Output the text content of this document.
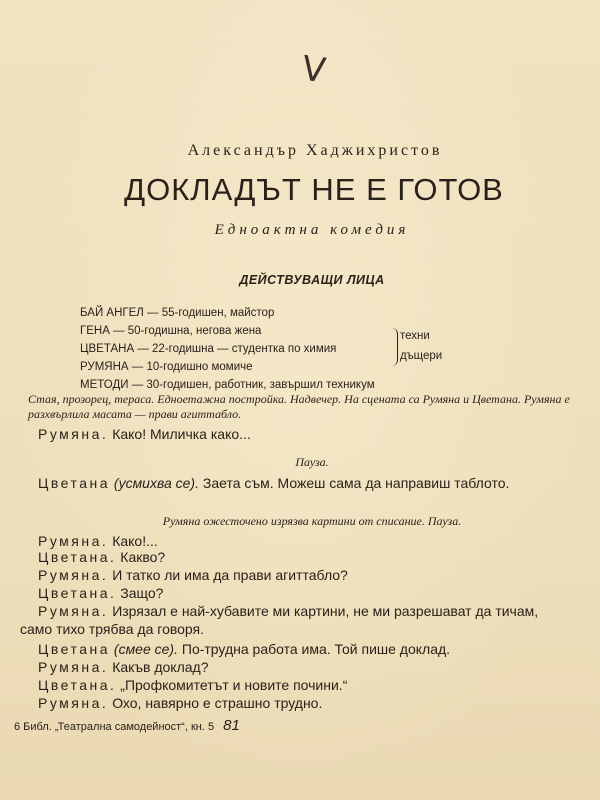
V
Александър Хаджихристов
ДОКЛАДЪТ НЕ Е ГОТОВ
Едноактна комедия
ДЕЙСТВУВАЩИ ЛИЦА
БАЙ АНГЕЛ — 55-годишен, майстор
ГЕНА — 50-годишна, негова жена
ЦВЕТАНА — 22-годишна — студентка по химия
РУМЯНА — 10-годишно момиче
МЕТОДИ — 30-годишен, работник, завършил техникум
техни
дъщери
Стая, прозорец, тераса. Едноетажна постройка. Надвечер. На сцената са Румяна и Цветана. Румяна е разхвърлила масата — прави агиттабло.
Румяна. Како! Миличка како...
Пауза.
Цветана (усмихва се). Заета съм. Можеш сама да направиш таблото.
Румяна ожесточено изрязва картини от списание. Пауза.
Румяна. Како!...
Цветана. Какво?
Румяна. И татко ли има да прави агиттабло?
Цветана. Защо?
Румяна. Изрязал е най-хубавите ми картини, не ми разрешават да тичам, само тихо трябва да говоря.
Цветана (смее се). По-трудна работа има. Той пише доклад.
Румяна. Какъв доклад?
Цветана. „Профкомитетът и новите почини.“
Румяна. Охо, навярно е страшно трудно.
6 Библ. „Театрална самодейност“, кн. 5 81
